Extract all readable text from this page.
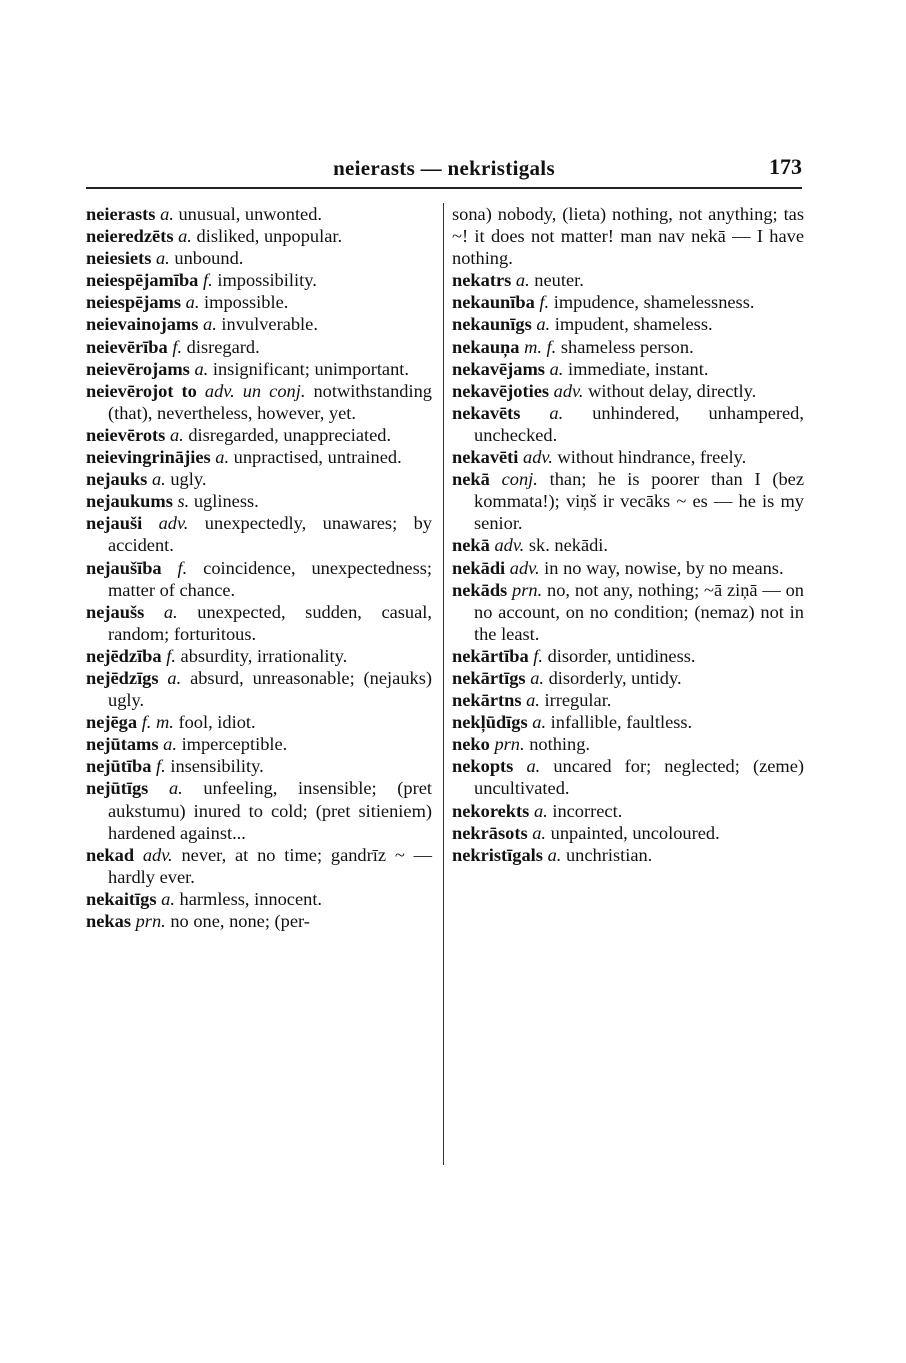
neierasts — nekristigals	173

neierasts a. unusual, unwonted.

neieredzēts a. disliked, unpopular.

neiesiets a. unbound.

neiespējamība f. impossibility.

neiespējams a. impossible.

neievainojams a. invulverable.

neievērība f. disregard.

neievērojams a. insignificant; unimportant.

neievērojot to adv. un conj. notwithstanding (that), nevertheless, however, yet.

neievērots a. disregarded, unappreciated.

neievingrinājies a. unpractised, untrained.

nejauks a. ugly.

nejaukums s. ugliness.

nejauši adv. unexpectedly, unawares; by accident.

nejaušība f. coincidence, unexpectedness; matter of chance.

nejaušs a. unexpected, sudden, casual, random; forturitous.

nejēdzība f. absurdity, irrationality.

nejēdzīgs a. absurd, unreasonable; (nejauks) ugly.

nejēga f. m. fool, idiot.

nejūtams a. imperceptible.

nejūtība f. insensibility.

nejūtīgs a. unfeeling, insensible; (pret aukstumu) inured to cold; (pret sitieniem) hardened against...

nekad adv. never, at no time; gandrīz ~ — hardly ever.

nekaitīgs a. harmless, innocent.

nekas prn. no one, none; (per-

sona) nobody, (lieta) nothing, not anything; tas ~! it does not matter! man nav nekā — I have nothing.

nekatrs a. neuter.

nekaunība f. impudence, shamelessness.

nekaunīgs a. impudent, shameless.

nekauņa m. f. shameless person.

nekavējams a. immediate, instant.

nekavējoties adv. without delay, directly.

nekavēts a. unhindered, unhampered, unchecked.

nekavēti adv. without hindrance, freely.

nekā conj. than; he is poorer than I (bez kommata!); viņš ir vecāks ~ es — he is my senior.

nekā adv. sk. nekādi.

nekādi adv. in no way, nowise, by no means.

nekāds prn. no, not any, nothing; ~ā ziņā — on no account, on no condition; (nemaz) not in the least.

nekārtība f. disorder, untidiness.

nekārtīgs a. disorderly, untidy.

nekārtns a. irregular.

nekļūdīgs a. infallible, faultless.

neko prn. nothing.

nekopts a. uncared for; neglected; (zeme) uncultivated.

nekorekts a. incorrect.

nekrāsots a. unpainted, uncoloured.

nekristīgals a. unchristian.
